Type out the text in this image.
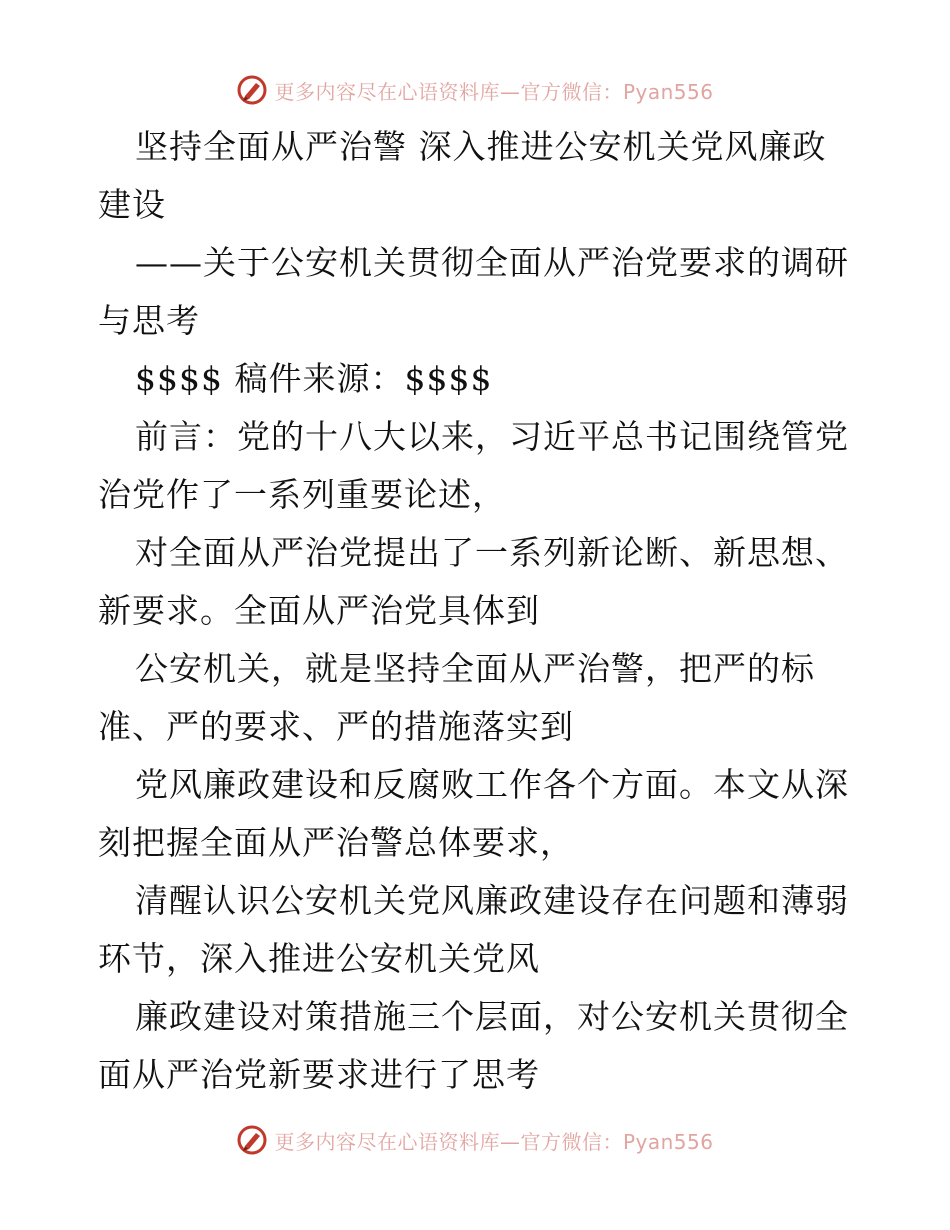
更多内容尽在心语资料库—官方微信：Pyan556

坚持全面从严治警 深入推进公安机关党风廉政建设

——关于公安机关贯彻全面从严治党要求的调研与思考

$$$$ 稿件来源：$$$$

前言：党的十八大以来，习近平总书记围绕管党治党作了一系列重要论述，

对全面从严治党提出了一系列新论断、新思想、新要求。全面从严治党具体到

公安机关，就是坚持全面从严治警，把严的标准、严的要求、严的措施落实到

党风廉政建设和反腐败工作各个方面。本文从深刻把握全面从严治警总体要求，

清醒认识公安机关党风廉政建设存在问题和薄弱环节，深入推进公安机关党风

廉政建设对策措施三个层面，对公安机关贯彻全面从严治党新要求进行了思考

更多内容尽在心语资料库—官方微信：Pyan556
